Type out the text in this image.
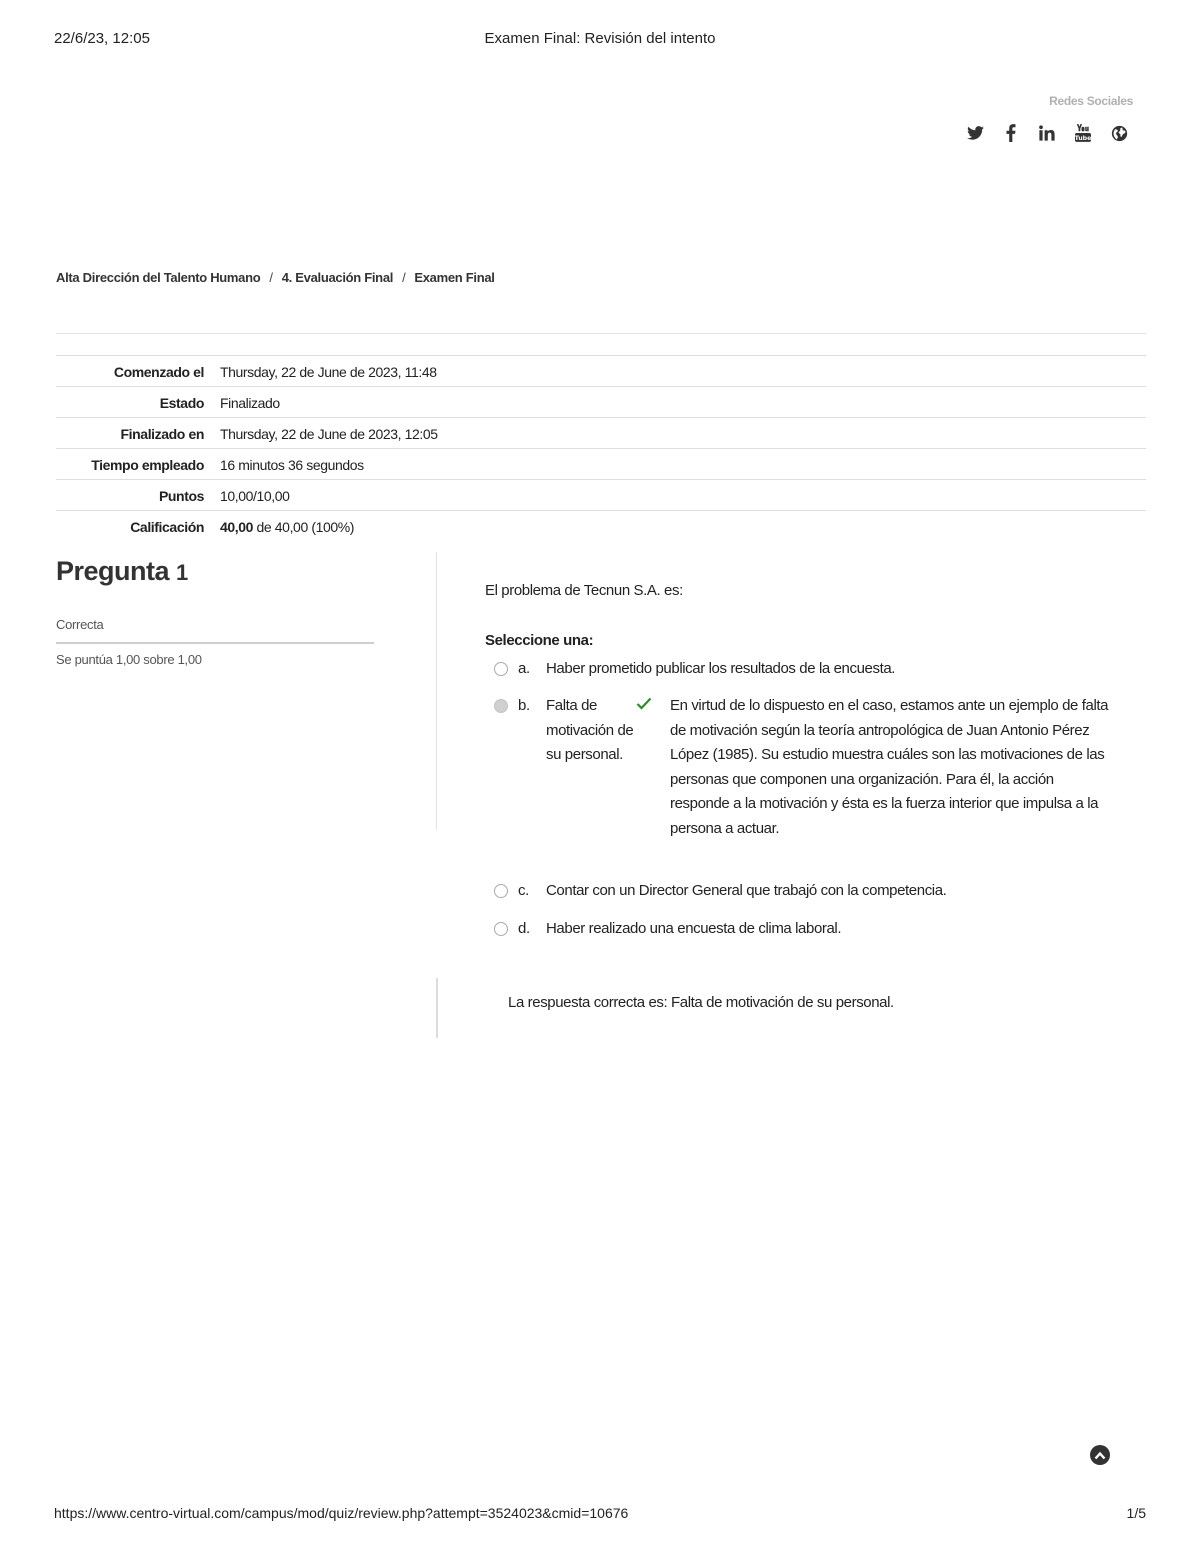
22/6/23, 12:05	Examen Final: Revisión del intento
Redes Sociales
Tube
Alta Dirección del Talento Humano / 4. Evaluación Final / Examen Final
Comenzado el	Thursday, 22 de June de 2023, 11:48
Estado	Finalizado
Finalizado en	Thursday, 22 de June de 2023, 12:05
Tiempo empleado	16 minutos 36 segundos
Puntos	10,00/10,00
Calificación	40,00 de 40,00 (100%)
Pregunta 1
Correcta
Se puntúa 1,00 sobre 1,00
El problema de Tecnun S.A. es:
Seleccione una:
a.	Haber prometido publicar los resultados de la encuesta.
b.	Falta de motivación de su personal.
En virtud de lo dispuesto en el caso, estamos ante un ejemplo de falta de motivación según la teoría antropológica de Juan Antonio Pérez López (1985). Su estudio muestra cuáles son las motivaciones de las personas que componen una organización. Para él, la acción responde a la motivación y ésta es la fuerza interior que impulsa a la persona a actuar.
c.	Contar con un Director General que trabajó con la competencia.
d.	Haber realizado una encuesta de clima laboral.
La respuesta correcta es: Falta de motivación de su personal.
https://www.centro-virtual.com/campus/mod/quiz/review.php?attempt=3524023&cmid=10676	1/5
